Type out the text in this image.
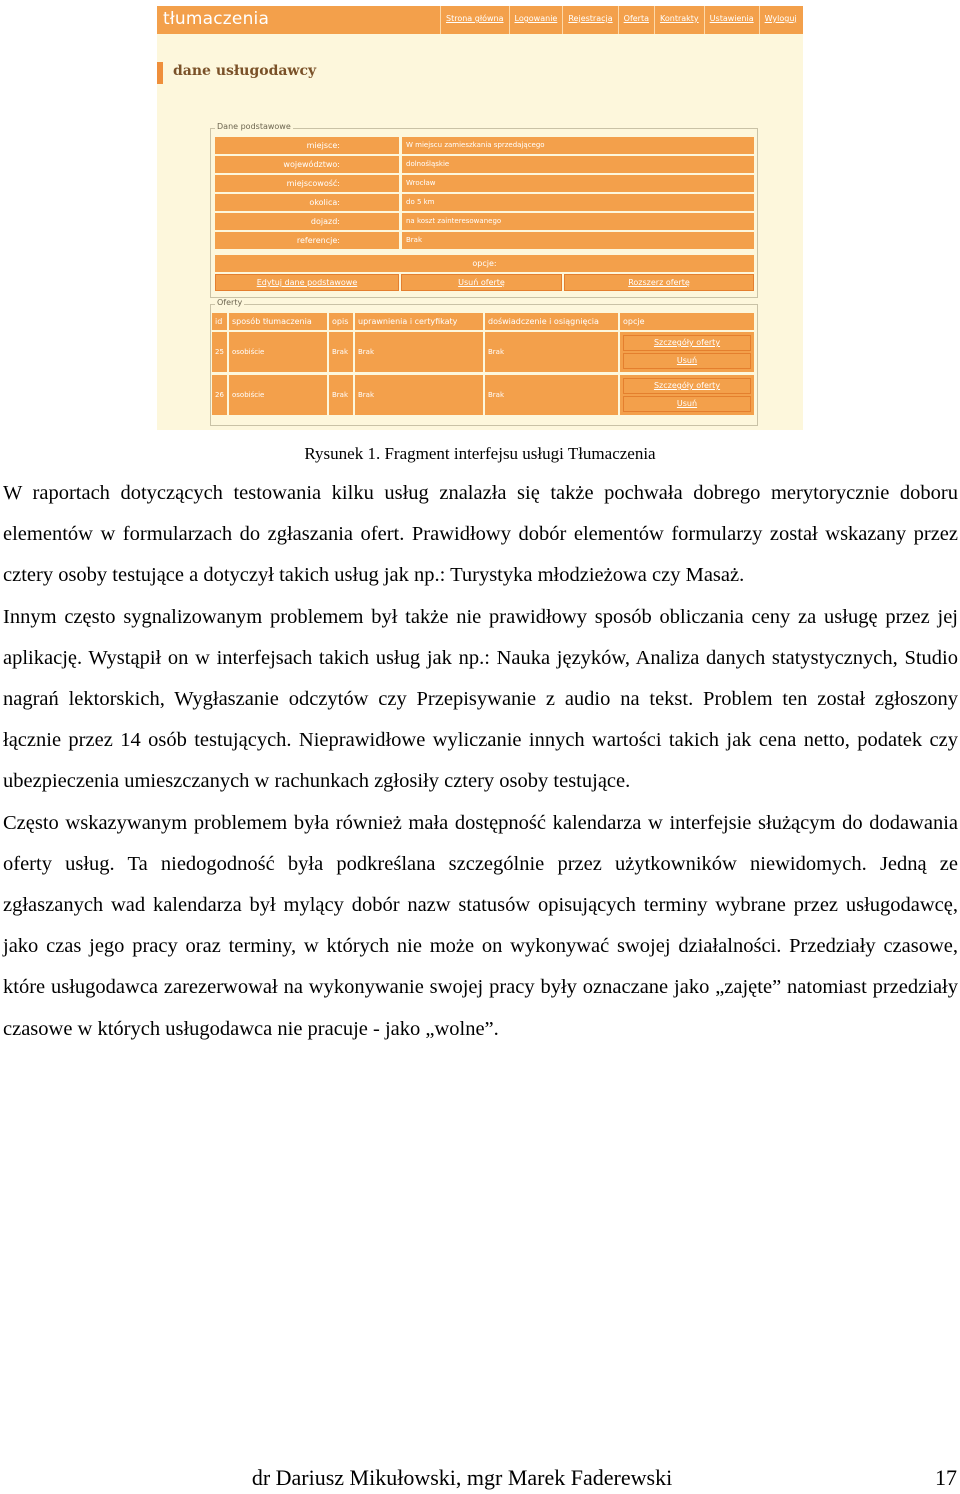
tłumaczenia	Strona główna	Logowanie	Rejestracja	Oferta	Kontrakty	Ustawienia	Wyloguj
dane usługodawcy
Dane podstawowe
miejsce:	W miejscu zamieszkania sprzedającego
województwo:	dolnośląskie
miejscowość:	Wrocław
okolica:	do 5 km
dojazd:	na koszt zainteresowanego
referencje:	Brak
opcje:
Edytuj dane podstawowe	Usuń ofertę	Rozszerz ofertę
Oferty
id	sposób tłumaczenia	opis	uprawnienia i certyfikaty	doświadczenie i osiągnięcia	opcje
25	osobiście	Brak	Brak	Brak
Szczegóły oferty
Usuń
26	osobiście	Brak	Brak	Brak
Szczegóły oferty
Usuń
Rysunek 1. Fragment interfejsu usługi Tłumaczenia

W raportach dotyczących testowania kilku usług znalazła się także pochwała dobrego merytorycznie doboru elementów w formularzach do zgłaszania ofert. Prawidłowy dobór elementów formularzy został wskazany przez cztery osoby testujące a dotyczył takich usług jak np.: Turystyka młodzieżowa czy Masaż.

Innym często sygnalizowanym problemem był także nie prawidłowy sposób obliczania ceny za usługę przez jej aplikację. Wystąpił on w interfejsach takich usług jak np.: Nauka języków, Analiza danych statystycznych, Studio nagrań lektorskich, Wygłaszanie odczytów czy Przepisywanie z audio na tekst. Problem ten został zgłoszony łącznie przez 14 osób testujących. Nieprawidłowe wyliczanie innych wartości takich jak cena netto, podatek czy ubezpieczenia umieszczanych w rachunkach zgłosiły cztery osoby testujące.

Często wskazywanym problemem była również mała dostępność kalendarza w interfejsie służącym do dodawania oferty usług. Ta niedogodność była podkreślana szczególnie przez użytkowników niewidomych. Jedną ze zgłaszanych wad kalendarza był mylący dobór nazw statusów opisujących terminy wybrane przez usługodawcę, jako czas jego pracy oraz terminy, w których nie może on wykonywać swojej działalności. Przedziały czasowe, które usługodawca zarezerwował na wykonywanie swojej pracy były oznaczane jako „zajęte” natomiast przedziały czasowe w których usługodawca nie pracuje - jako „wolne”.

dr Dariusz Mikułowski, mgr Marek Faderewski	17
